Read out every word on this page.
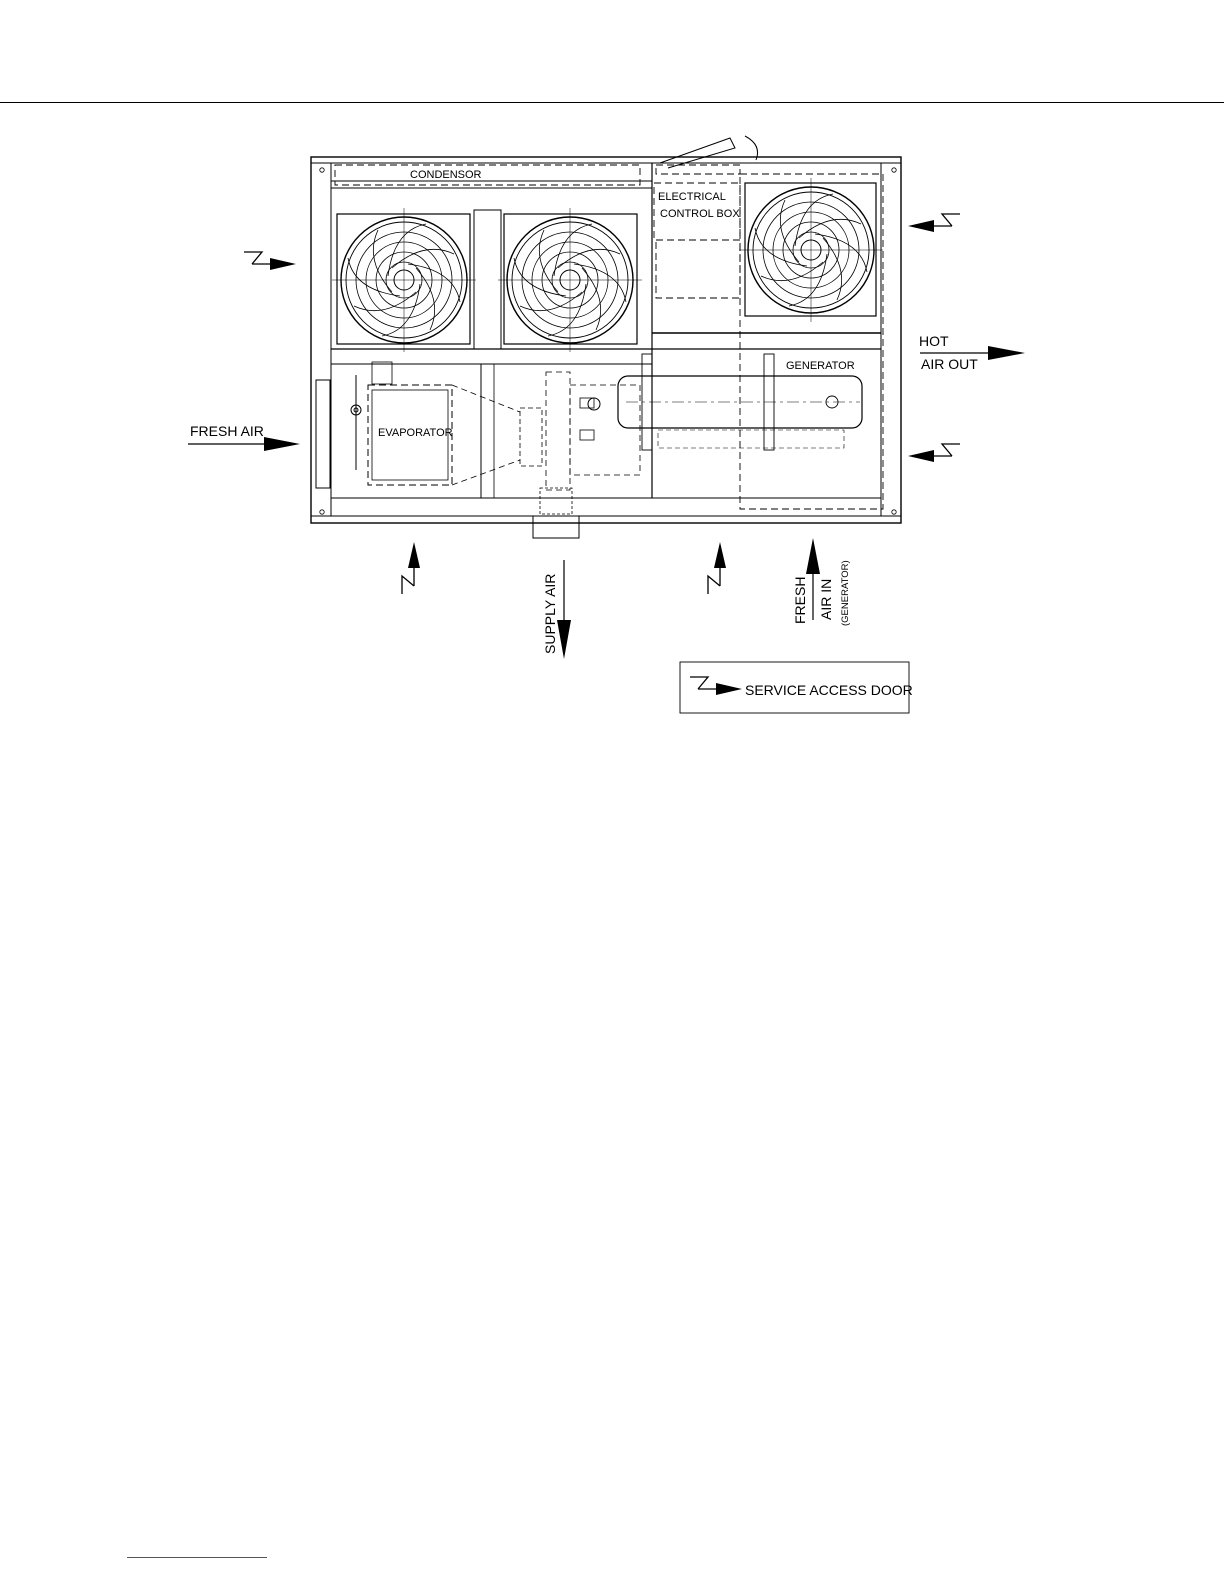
CONDENSOR
ELECTRICAL
CONTROL BOX
GENERATOR
EVAPORATOR
FRESH AIR
HOT
AIR OUT
SUPPLY AIR	FRESH AIR IN (GENERATOR)
SERVICE ACCESS DOOR
